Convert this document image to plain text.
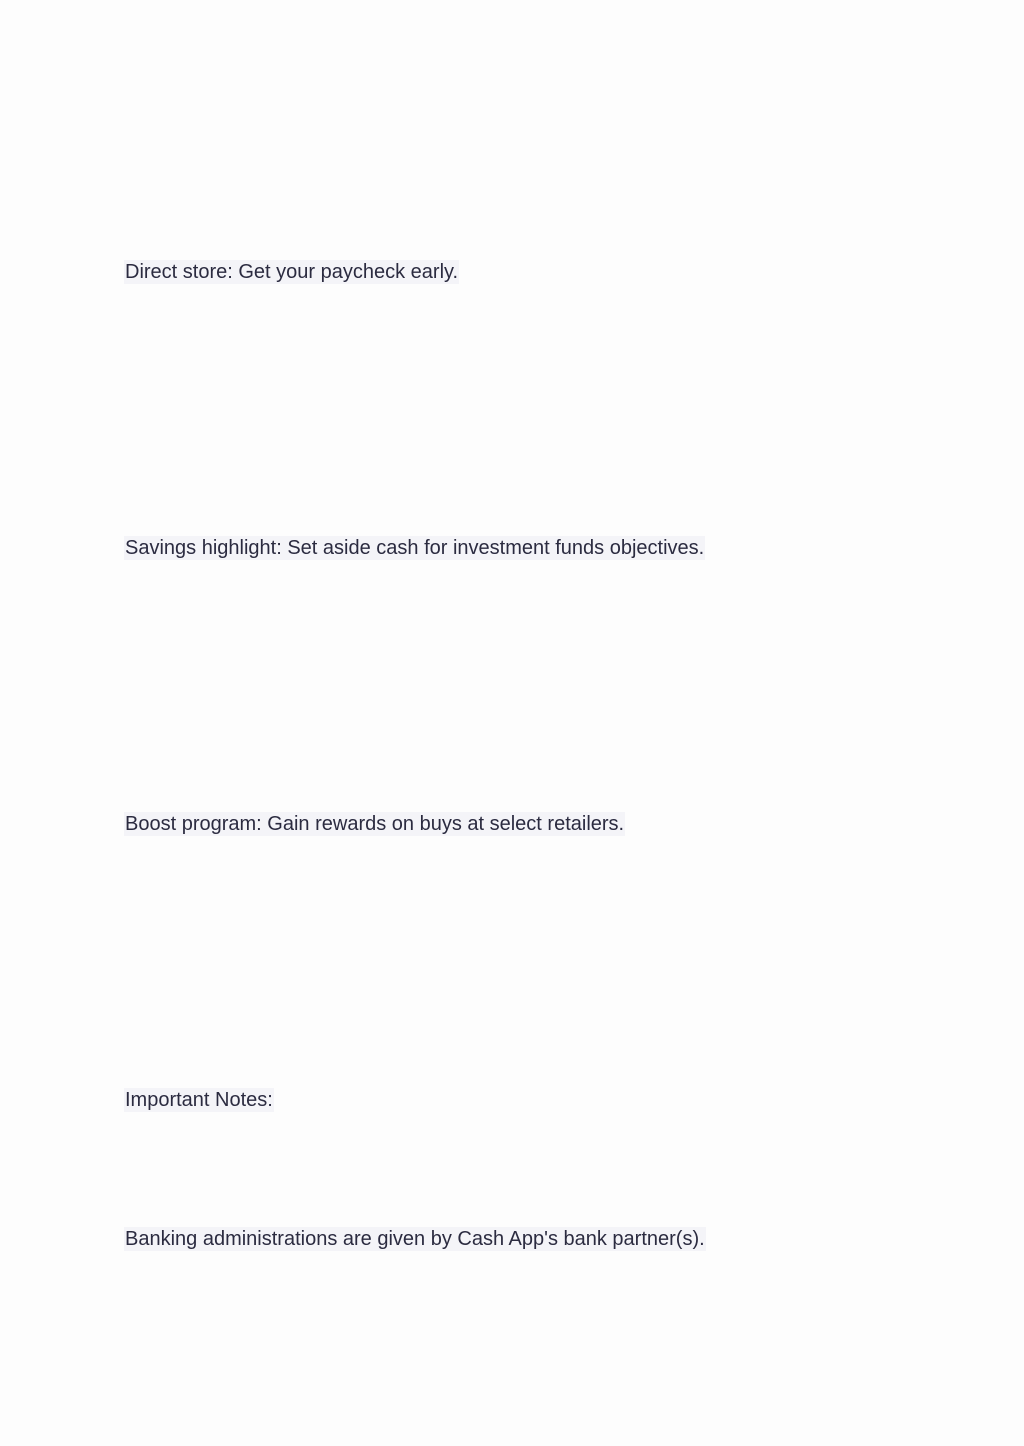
Direct store: Get your paycheck early.

Savings highlight: Set aside cash for investment funds objectives.

Boost program: Gain rewards on buys at select retailers.

Important Notes:

Banking administrations are given by Cash App's bank partner(s).
